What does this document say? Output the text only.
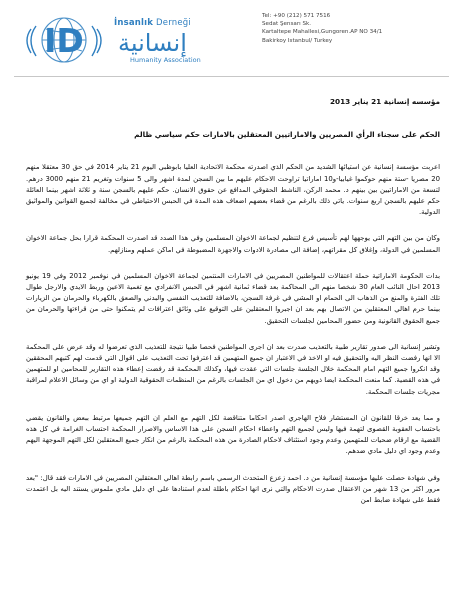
ID	İnsanlık Derneği
إنسانية
Humanity Association
Tel: +90 (212) 571 7516
Sedat Şensarı Sk.
Kartaltepe Mahallesi,Gungoren.AP NO 34/1
Bakirkoy Istanbul/ Turkey

مؤسسه إنسانية 21 يناير 2013

الحكم على سجناء الرأي المصريين والاماراتيين المعتقلين بالامارات حكم سياسي ظالم

اعربت مؤسسة إنسانية عن استيائها الشديد من الحكم الذي اصدرته محكمة الاتحادية العليا بابوظبي اليوم 21 يناير 2014 في حق 30 معتقلا منهم 20 مصريا -ستة منهم حوكموا غيابيا-و10 اماراتيا تراوحت الاحكام عليهم ما بين السجن لمدة اشهر والى 5 سنوات وتغريم 21 منهم 3000 درهم. لتسعة من الاماراتيين بين بينهم د. محمد الركن، الناشط الحقوقي المدافع عن حقوق الانسان. حكم عليهم بالسجن سنة و ثلاثة اشهر بينما العائلة حكم عليهم بالسجن اربع سنوات. ياتي ذلك بالرغم من قضاء بعضهم اضعاف هذه المدة في الحبس الاحتياطي في مخالفة لجميع القوانين والمواثيق الدولية.

وكان من بين التهم التي يوجهها لهم تأسيس فرع لتنظيم لجماعة الاخوان المسلمين وفي هذا الصدد قد اصدرت المحكمة قرارا بحل جماعة الاخوان المسلمين في الدولة، وإغلاق كل مقراتهم، إضافة الى مصادرة الادوات والاجهزة المضبوطة في اماكن عملهم ومنازلهم.

بدات الحكومة الاماراتية حملة اعتقالات للمواطنين المصريين في الامارات المنتمين لجماعة الاخوان المسلمين في نوفمبر 2012 وفي 19 يونيو 2013 احال النائب العام 30 شخصا منهم الى المحاكمة بعد قضاء ثمانية اشهر في الحبس الانفرادي مع تغمية الاعين وربط الايدي والارجل طوال تلك الفترة والمنع من الذهاب الى الحمام او المشي في غرفة السجن، بالاضافة للتعذيب النفسي والبدني والصعق بالكهرباء والحرمان من الزيارات بينما حرم اهالي المعتقلين من الاتصال بهم بعد ان اجبروا المعتقلين على التوقيع على وثائق اعترافات لم يتمكنوا حتى من قراءتها والحرمان من جميع الحقوق القانونية ومن حضور المحامين لجلسات التحقيق.

وتشير إنسانية الى صدور تقارير طبية بالتعذيب صدرت بعد ان اجرى المواطنين فحصا طبيا نتيجة للتعذيب الذي تعرضوا له وقد عرض على المحكمة الا انها رفضت النظر اليه والتحقيق فيه او الاخذ في الاعتبار ان جميع المتهمين قد اعترفوا تحت التعذيب على اقوال التي قدمت لهم كتبهم المحققين وقد انكروا جميع التهم امام المحكمة خلال الجلسة جلسات التي عقدت فيها، وكذلك المحكمة قد رفضت إعطاء هذه التقارير للمحامين او للمتهمين في هذه القضية. كما منعت المحكمة ايضا ذويهم من دخول اي من الجلسات بالرغم من المنظمات الحقوقية الدولية او اي من وسائل الاعلام لمراقبة مجريات جلسات المحكمة.

و مما يعد خرقا للقانون ان المستشار فلاح الهاجري اصدر احكاما متناقضة لكل التهم مع العلم ان التهم جميعها مرتبط ببعض والقانون يقضي باحتساب العقوبة القصوى لتهمة فيها وليس لجميع التهم واعطاء احكام السجن على هذا الاساس والاصرار المحكمة احتساب الغرامة في كل هذه القضية مع ارقام ضحيات للمتهمين وعدم وجود استئناف لاحكام الصادرة من هذه المحكمة بالرغم من انكار جميع المعتقلين لكل التهم الموجهة اليهم وعدم وجود اي دليل مادي ضدهم.

وفي شهادة حصلت عليها مؤسسة إنسانية من د. احمد زعزع المتحدث الرسمي باسم رابطة اهالي المعتقلين المصريين في الامارات فقد قال: "بعد مرور اكثر من 13 شهر من الاعتقال صدرت الاحكام والتي نرى انها احكام باطلة لعدم استنادها على اي دليل مادي ملموس يستند اليه بل اعتمدت فقط على شهادة ضابط امن
